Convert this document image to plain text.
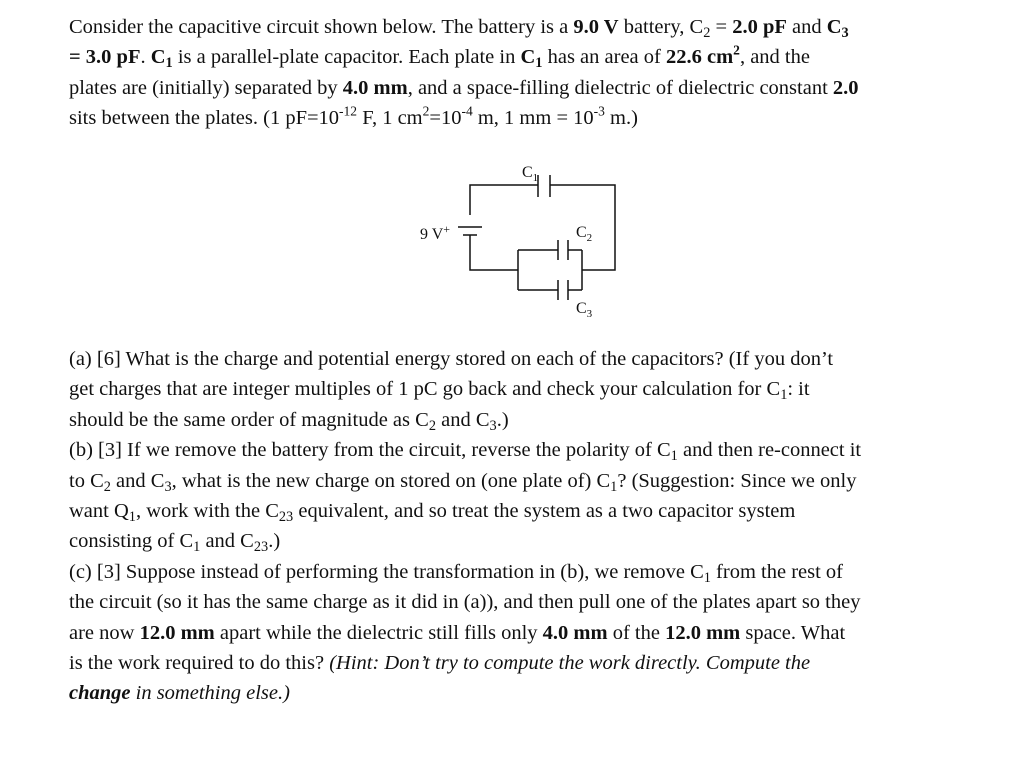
Consider the capacitive circuit shown below. The battery is a 9.0 V battery, $C_2 = 2.0$ pF and $C_3$
= 3.0 pF. $C_1$ is a parallel-plate capacitor. Each plate in $C_1$ has an area of 22.6 $cm^2$, and the
plates are (initially) separated by 4.0 mm, and a space-filling dielectric of dielectric constant 2.0
sits between the plates. (1 $pF=10^{-12}$ F, 1 $cm^2=10^{-4}$ m, 1 mm = $10^{-3}$ m.)
$C_1$
9 V+	$C_2$
$C_3$
(a) [6] What is the charge and potential energy stored on each of the capacitors? (If you don’t
get charges that are integer multiples of 1 pC go back and check your calculation for $C_1$: it
should be the same order of magnitude as $C_2$ and $C_3$.)
(b) [3] If we remove the battery from the circuit, reverse the polarity of $C_1$ and then re-connect it
to $C_2$ and $C_3$, what is the new charge on stored on (one plate of) $C_1$? (Suggestion: Since we only
want $Q_1$, work with the $C_{23}$ equivalent, and so treat the system as a two capacitor system
consisting of $C_1$ and $C_{23}$.)
(c) [3] Suppose instead of performing the transformation in (b), we remove $C_1$ from the rest of
the circuit (so it has the same charge as it did in (a)), and then pull one of the plates apart so they
are now 12.0 mm apart while the dielectric still fills only 4.0 mm of the 12.0 mm space. What
is the work required to do this? (Hint: Don’t try to compute the work directly. Compute the
change in something else.)
